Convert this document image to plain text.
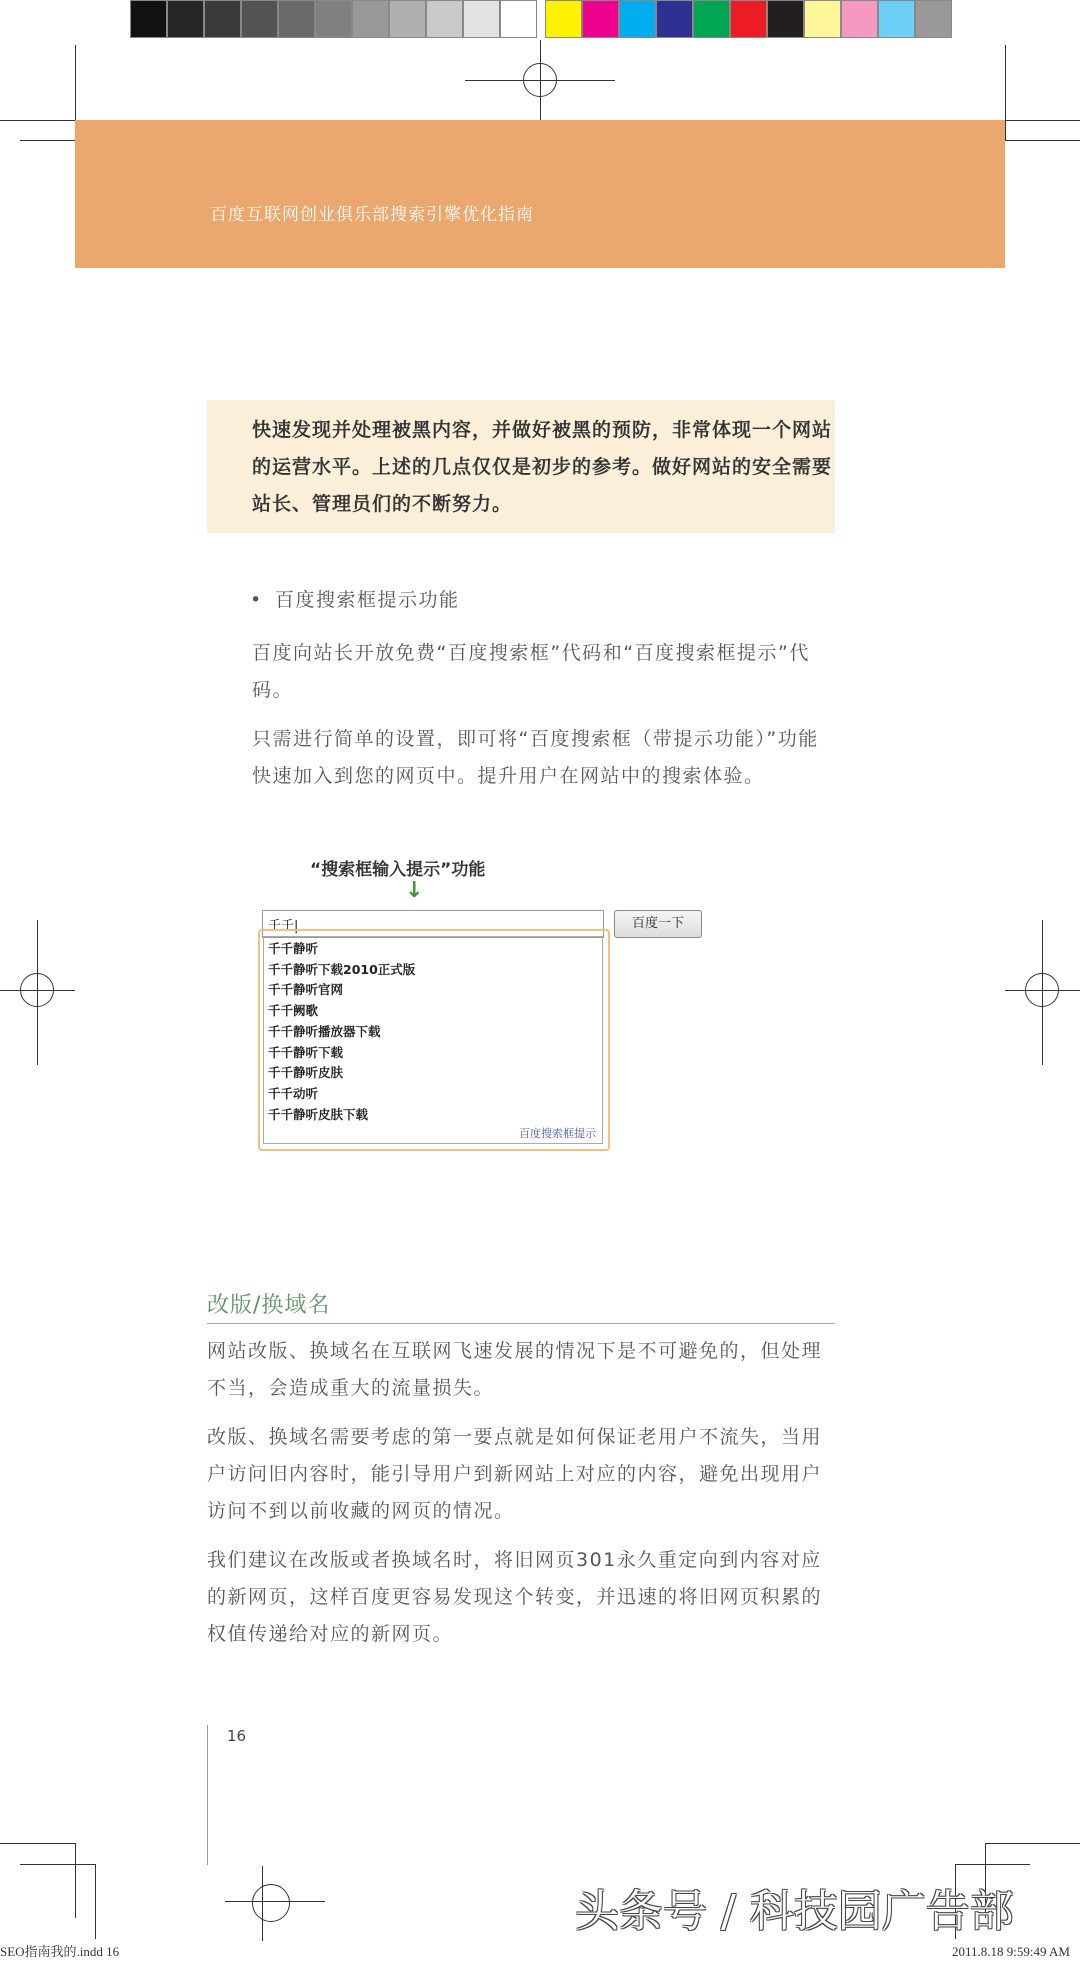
百度互联网创业俱乐部搜索引擎优化指南
快速发现并处理被黑内容，并做好被黑的预防，非常体现一个网站的运营水平。上述的几点仅仅是初步的参考。做好网站的安全需要站长、管理员们的不断努力。
• 百度搜索框提示功能
百度向站长开放免费“百度搜索框”代码和“百度搜索框提示”代码。
只需进行简单的设置，即可将“百度搜索框（带提示功能）”功能快速加入到您的网页中。提升用户在网站中的搜索体验。
“搜索框输入提示”功能
↓
千千|	百度一下
千千静听
千千静听下载2010正式版
千千静听官网
千千阙歌
千千静听播放器下载
千千静听下载
千千静听皮肤
千千动听
千千静听皮肤下载
百度搜索框提示
改版/换域名
网站改版、换域名在互联网飞速发展的情况下是不可避免的，但处理不当，会造成重大的流量损失。
改版、换域名需要考虑的第一要点就是如何保证老用户不流失，当用户访问旧内容时，能引导用户到新网站上对应的内容，避免出现用户访问不到以前收藏的网页的情况。
我们建议在改版或者换域名时，将旧网页301永久重定向到内容对应的新网页，这样百度更容易发现这个转变，并迅速的将旧网页积累的权值传递给对应的新网页。
16
SEO指南我的.indd 16	2011.8.18 9:59:49 AM
头条号 / 科技园广告部
